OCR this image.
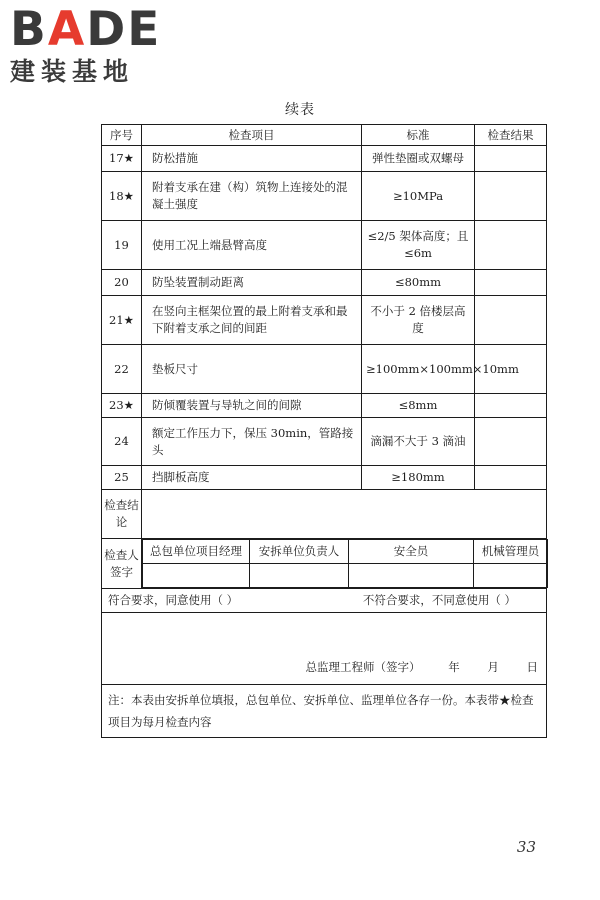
BADE
建装基地
续表
序号	检查项目	标准	检查结果
17★	防松措施	弹性垫圈或双螺母	
18★	附着支承在建（构）筑物上连接处的混凝土强度	≥10MPa	
19	使用工况上端悬臂高度	≤2/5 架体高度；且≤6m	
20	防坠装置制动距离	≤80mm	
21★	在竖向主框架位置的最上附着支承和最下附着支承之间的间距	不小于 2 倍楼层高度	
22	垫板尺寸	≥100mm×100mm×10mm	
23★	防倾覆装置与导轨之间的间隙	≤8mm	
24	额定工作压力下，保压 30min，管路接头	滴漏不大于 3 滴油	
25	挡脚板高度	≥180mm	
检查结论	
检查人签字	
总包单位项目经理	安拆单位负责人	安全员	机械管理员

符合要求，同意使用（ ）	不符合要求，不同意使用（ ）

总监理工程师（签字） 年 月 日

注：本表由安拆单位填报，总包单位、安拆单位、监理单位各存一份。本表带★检查项目为每月检查内容
33
